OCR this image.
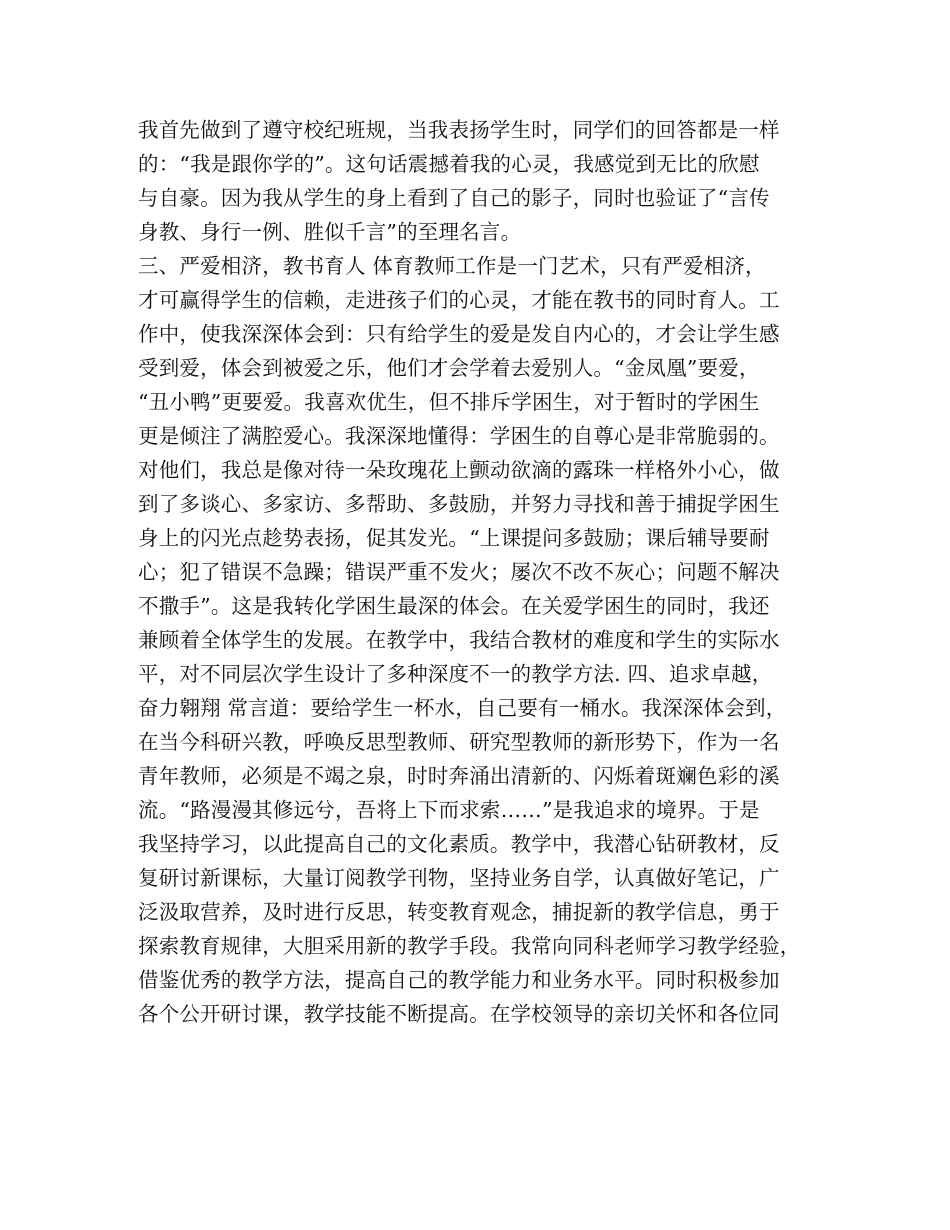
我首先做到了遵守校纪班规，当我表扬学生时，同学们的回答都是一样
的：“我是跟你学的”。这句话震撼着我的心灵，我感觉到无比的欣慰
与自豪。因为我从学生的身上看到了自己的影子，同时也验证了“言传
身教、身行一例、胜似千言”的至理名言。
三、严爱相济，教书育人 体育教师工作是一门艺术，只有严爱相济，
才可赢得学生的信赖，走进孩子们的心灵，才能在教书的同时育人。工
作中，使我深深体会到：只有给学生的爱是发自内心的，才会让学生感
受到爱，体会到被爱之乐，他们才会学着去爱别人。“金凤凰”要爱，
“丑小鸭”更要爱。我喜欢优生，但不排斥学困生，对于暂时的学困生
更是倾注了满腔爱心。我深深地懂得：学困生的自尊心是非常脆弱的。
对他们，我总是像对待一朵玫瑰花上颤动欲滴的露珠一样格外小心，做
到了多谈心、多家访、多帮助、多鼓励，并努力寻找和善于捕捉学困生
身上的闪光点趁势表扬，促其发光。“上课提问多鼓励；课后辅导要耐
心；犯了错误不急躁；错误严重不发火；屡次不改不灰心；问题不解决
不撒手”。这是我转化学困生最深的体会。在关爱学困生的同时，我还
兼顾着全体学生的发展。在教学中，我结合教材的难度和学生的实际水
平，对不同层次学生设计了多种深度不一的教学方法. 四、追求卓越，
奋力翱翔 常言道：要给学生一杯水，自己要有一桶水。我深深体会到，
在当今科研兴教，呼唤反思型教师、研究型教师的新形势下，作为一名
青年教师，必须是不竭之泉，时时奔涌出清新的、闪烁着斑斓色彩的溪
流。“路漫漫其修远兮，吾将上下而求索……”是我追求的境界。于是
我坚持学习，以此提高自己的文化素质。教学中，我潜心钻研教材，反
复研讨新课标，大量订阅教学刊物，坚持业务自学，认真做好笔记，广
泛汲取营养，及时进行反思，转变教育观念，捕捉新的教学信息，勇于
探索教育规律，大胆采用新的教学手段。我常向同科老师学习教学经验，
借鉴优秀的教学方法，提高自己的教学能力和业务水平。同时积极参加
各个公开研讨课，教学技能不断提高。在学校领导的亲切关怀和各位同
